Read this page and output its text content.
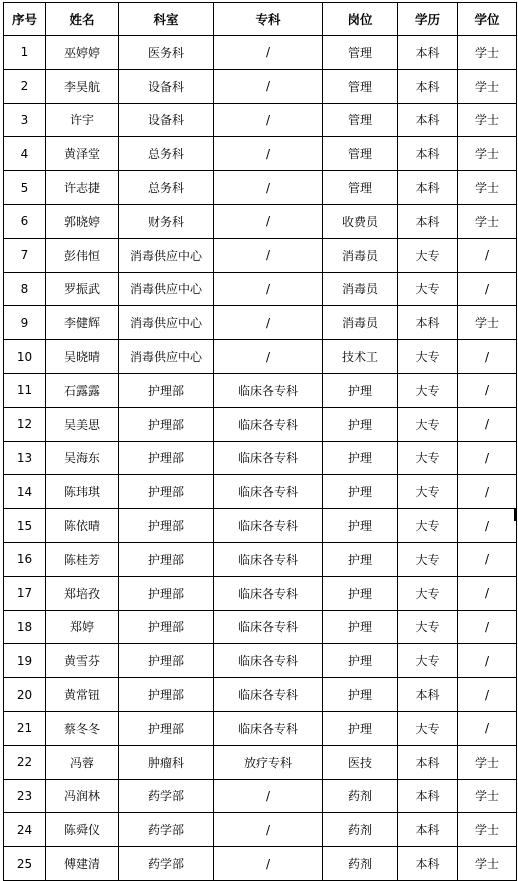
序号	姓名	科室	专科	岗位	学历	学位
1	巫婷婷	医务科	/	管理	本科	学士
2	李昊航	设备科	/	管理	本科	学士
3	许宇	设备科	/	管理	本科	学士
4	黄泽堂	总务科	/	管理	本科	学士
5	许志捷	总务科	/	管理	本科	学士
6	郭晓婷	财务科	/	收费员	本科	学士
7	彭伟恒	消毒供应中心	/	消毒员	大专	/
8	罗振武	消毒供应中心	/	消毒员	大专	/
9	李健辉	消毒供应中心	/	消毒员	本科	学士
10	吴晓晴	消毒供应中心	/	技术工	大专	/
11	石露露	护理部	临床各专科	护理	大专	/
12	吴美思	护理部	临床各专科	护理	大专	/
13	吴海东	护理部	临床各专科	护理	大专	/
14	陈玮琪	护理部	临床各专科	护理	大专	/
15	陈依晴	护理部	临床各专科	护理	大专	/
16	陈桂芳	护理部	临床各专科	护理	大专	/
17	郑培孜	护理部	临床各专科	护理	大专	/
18	郑婷	护理部	临床各专科	护理	大专	/
19	黄雪芬	护理部	临床各专科	护理	大专	/
20	黄常钮	护理部	临床各专科	护理	本科	/
21	蔡冬冬	护理部	临床各专科	护理	大专	/
22	冯蓉	肿瘤科	放疗专科	医技	本科	学士
23	冯润林	药学部	/	药剂	本科	学士
24	陈舜仪	药学部	/	药剂	本科	学士
25	傅建清	药学部	/	药剂	本科	学士
